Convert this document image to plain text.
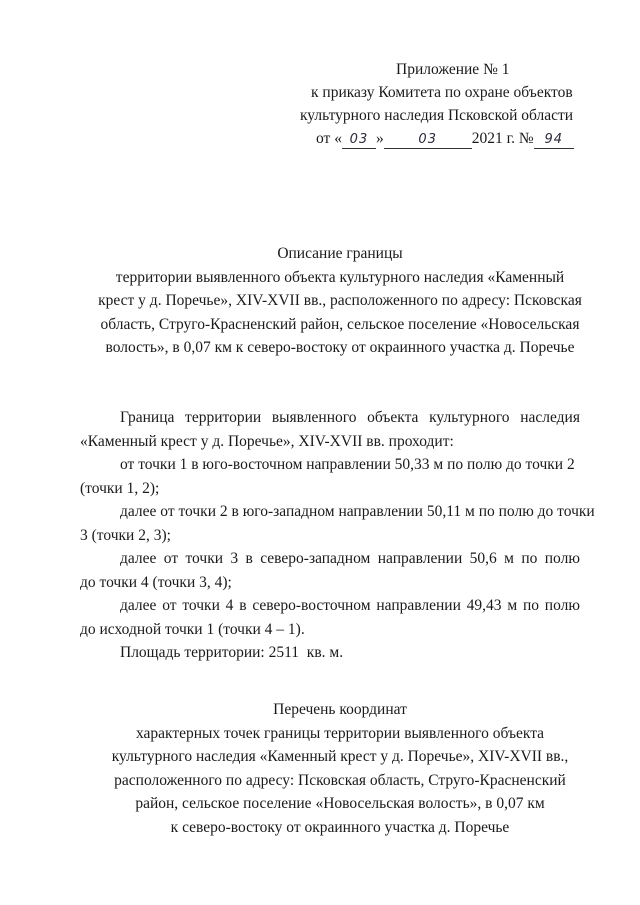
Приложение № 1
к приказу Комитета по охране объектов
культурного наследия Псковской области
от « 03 »	03 2021 г. № 94
Описание границы
территории выявленного объекта культурного наследия «Каменный
крест у д. Поречье», XIV-XVII вв., расположенного по адресу: Псковская
область, Струго-Красненский район, сельское поселение «Новосельская
волость», в 0,07 км к северо-востоку от окраинного участка д. Поречье
Граница территории выявленного объекта культурного наследия
«Каменный крест у д. Поречье», XIV-XVII вв. проходит:
от точки 1 в юго-восточном направлении 50,33 м по полю до точки 2
(точки 1, 2);
далее от точки 2 в юго-западном направлении 50,11 м по полю до точки
3 (точки 2, 3);
далее от точки 3 в северо-западном направлении 50,6 м по полю
до точки 4 (точки 3, 4);
далее от точки 4 в северо-восточном направлении 49,43 м по полю
до исходной точки 1 (точки 4 – 1).
Площадь территории: 2511  кв. м.
Перечень координат
характерных точек границы территории выявленного объекта
культурного наследия «Каменный крест у д. Поречье», XIV-XVII вв.,
расположенного по адресу: Псковская область, Струго-Красненский
район, сельское поселение «Новосельская волость», в 0,07 км
к северо-востоку от окраинного участка д. Поречье
